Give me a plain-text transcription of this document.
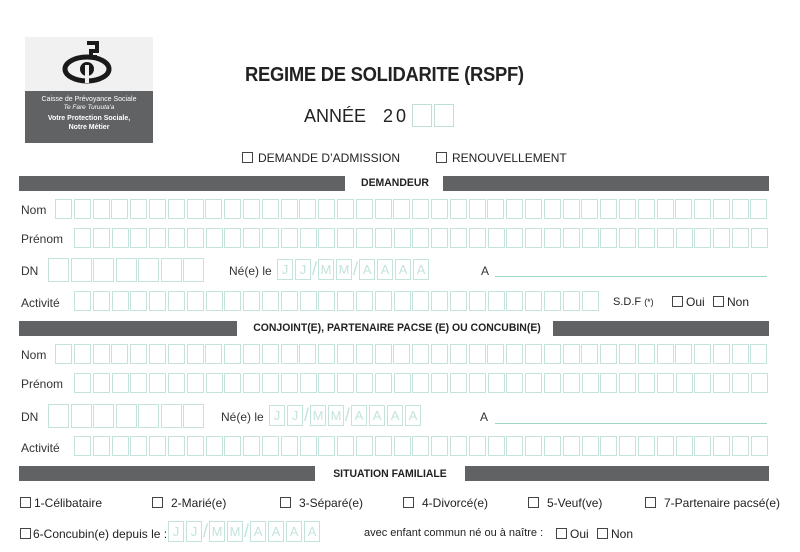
Caisse de Prévoyance Sociale
Te Fare Turuuta'a
Votre Protection Sociale,
Notre Métier
REGIME DE SOLIDARITE (RSPF)
ANNÉE 20
DEMANDE D’ADMISSION	RENOUVELLEMENT
DEMANDEUR
Nom
Prénom
DN	Né(e) le J J / M M / A A A A	A
Activité	S.D.F (*)	Oui	Non
CONJOINT(E), PARTENAIRE PACSE (E) OU CONCUBIN(E)
Nom
Prénom
DN	Né(e) le J J / M M / A A A A	A
Activité
SITUATION FAMILIALE
1-Célibataire	2-Marié(e)	3-Séparé(e)	4-Divorcé(e)	5-Veuf(ve)	7-Partenaire pacsé(e)
6-Concubin(e) depuis le : J J / M M / A A A A	avec enfant commun né ou à naître :	Oui	Non
